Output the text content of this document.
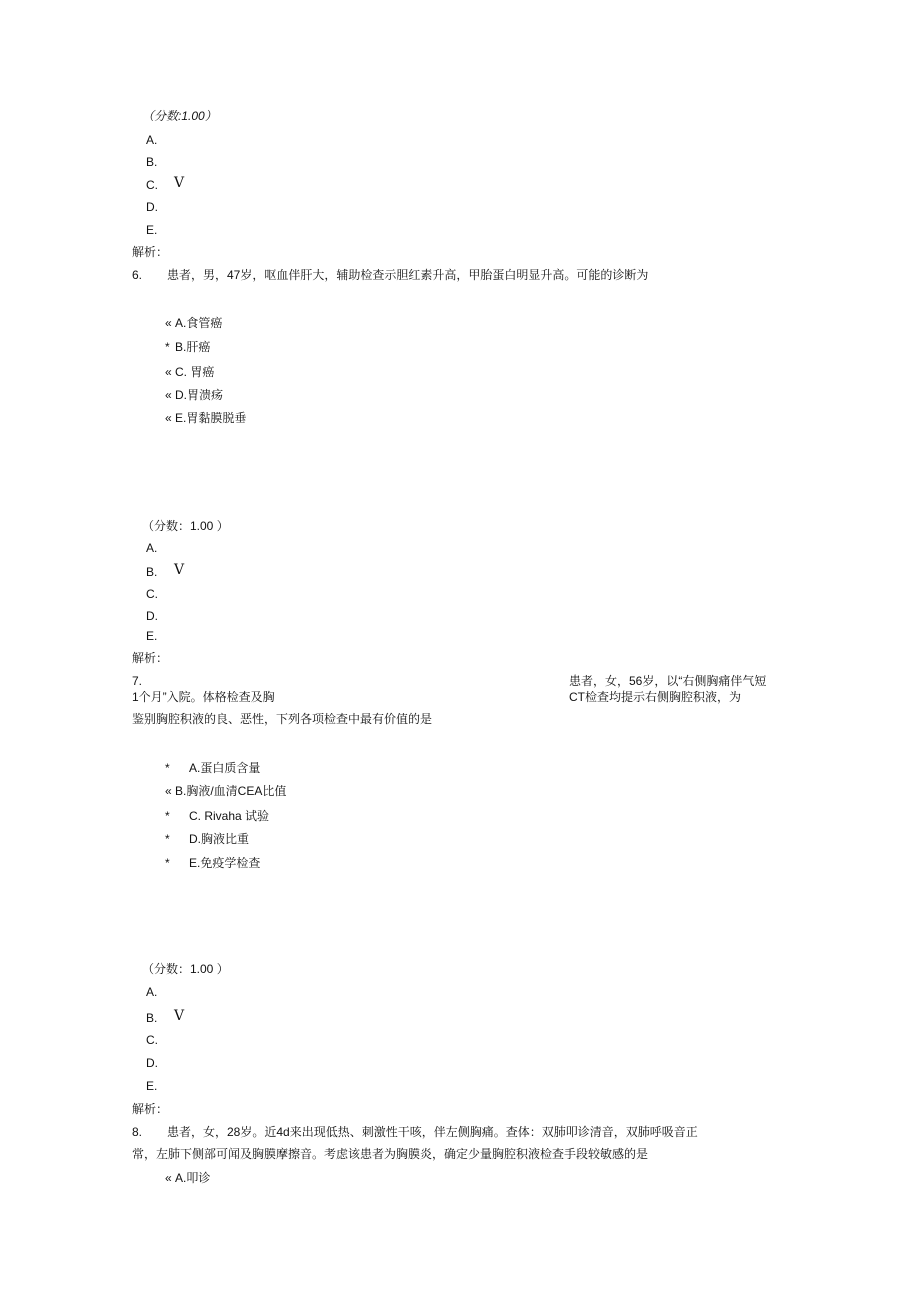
（分数:1.00）
A.
B.
C. V
D.
E.
解析：
6. 患者，男，47岁，呕血伴肝大，辅助检查示胆红素升高，甲胎蛋白明显升高。可能的诊断为
« A.食管癌
* B.肝癌
« C. 胃癌
« D.胃溃疡
« E.胃黏膜脱垂
（分数：1.00 ）
A.
B. V
C.
D.
E.
解析：
7.	患者，女，56岁，以“右侧胸痛伴气短
1个月”入院。体格检查及胸	CT检查均提示右侧胸腔积液，为
鉴别胸腔积液的良、恶性，下列各项检查中最有价值的是
* A.蛋白质含量
« B.胸液/血清CEA比值
* C. Rivaha 试验
* D.胸液比重
* E.免疫学检查
（分数：1.00 ）
A.
B. V
C.
D.
E.
解析：
8. 患者，女，28岁。近4d来出现低热、刺激性干咳，伴左侧胸痛。查体：双肺叩诊清音，双肺呼吸音正
常，左肺下侧部可闻及胸膜摩擦音。考虑该患者为胸膜炎，确定少量胸腔积液检查手段较敏感的是
« A.叩诊
